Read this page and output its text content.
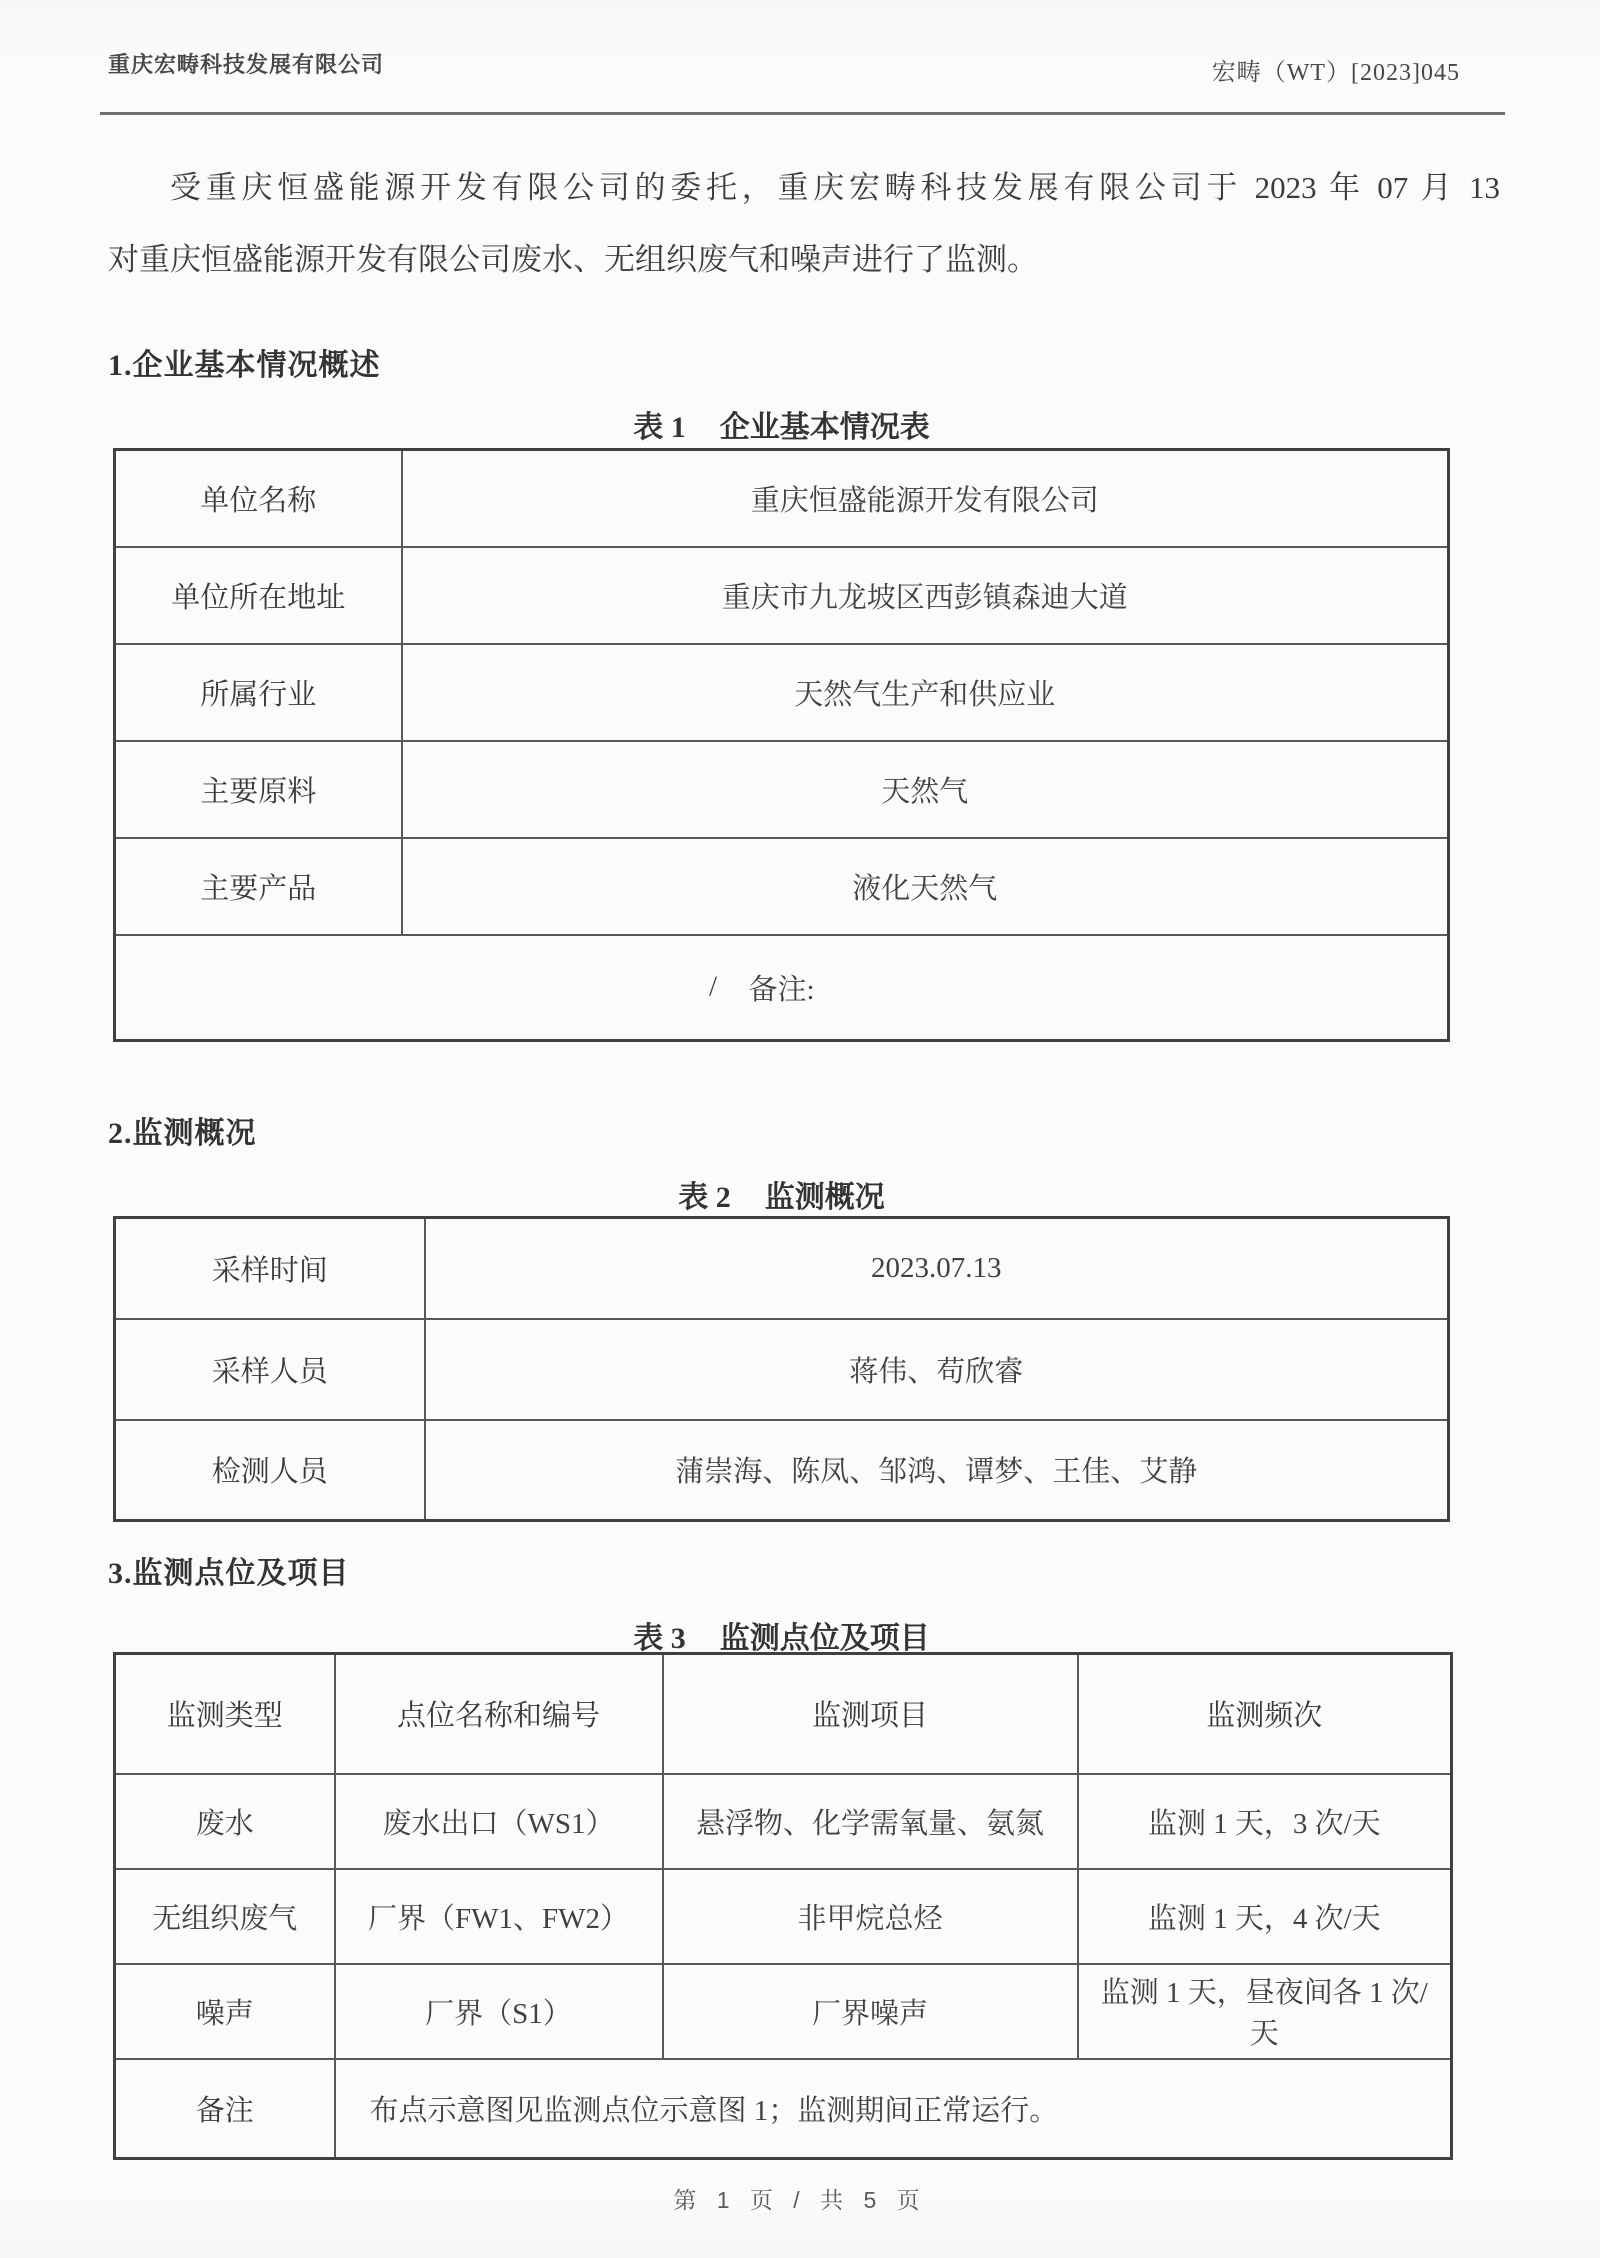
重庆宏畴科技发展有限公司	宏畴（WT）[2023]045
受重庆恒盛能源开发有限公司的委托，重庆宏畴科技发展有限公司于 2023 年 07 月 13
对重庆恒盛能源开发有限公司废水、无组织废气和噪声进行了监测。
1.企业基本情况概述
表 1 企业基本情况表
单位名称	重庆恒盛能源开发有限公司
单位所在地址	重庆市九龙坡区西彭镇森迪大道
所属行业	天然气生产和供应业
主要原料	天然气
主要产品	液化天然气
备注:
/	
2.监测概况
表 2 监测概况
采样时间	2023.07.13
采样人员	蒋伟、苟欣睿
检测人员	蒲崇海、陈凤、邹鸿、谭梦、王佳、艾静
3.监测点位及项目
表 3 监测点位及项目
监测类型	点位名称和编号	监测项目	监测频次
废水	废水出口（WS1）	悬浮物、化学需氧量、氨氮	监测 1 天，3 次/天
无组织废气	厂界（FW1、FW2）	非甲烷总烃	监测 1 天，4 次/天
噪声	厂界（S1）	厂界噪声	监测 1 天，昼夜间各 1 次/天
备注	布点示意图见监测点位示意图 1；监测期间正常运行。		
第 1 页 / 共 5 页
